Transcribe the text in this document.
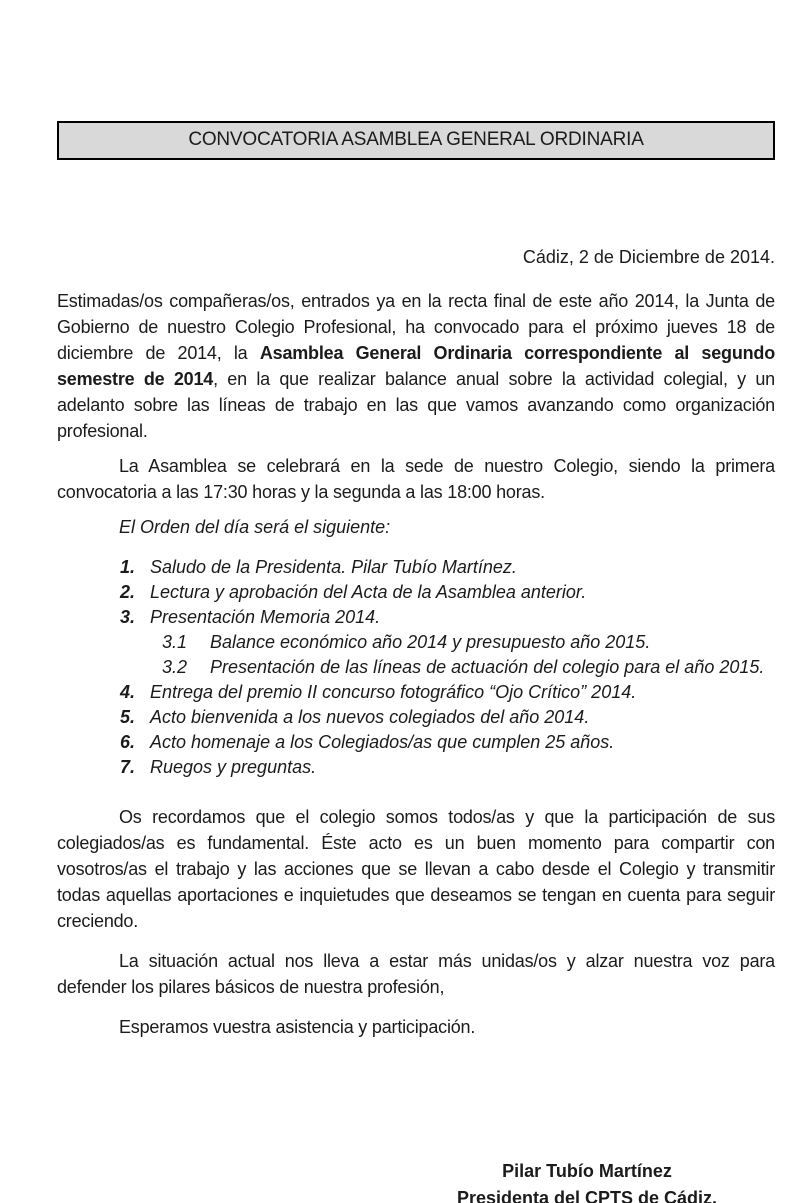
CONVOCATORIA ASAMBLEA GENERAL ORDINARIA
Cádiz, 2 de Diciembre de 2014.

Estimadas/os compañeras/os, entrados ya en la recta final de este año 2014, la Junta de Gobierno de nuestro Colegio Profesional, ha convocado para el próximo jueves 18 de diciembre de 2014, la Asamblea General Ordinaria correspondiente al segundo semestre de 2014, en la que realizar balance anual sobre la actividad colegial, y un adelanto sobre las líneas de trabajo en las que vamos avanzando como organización profesional.

La Asamblea se celebrará en la sede de nuestro Colegio, siendo la primera convocatoria a las 17:30 horas y la segunda a las 18:00 horas.

El Orden del día será el siguiente:
1. Saludo de la Presidenta. Pilar Tubío Martínez.
2. Lectura y aprobación del Acta de la Asamblea anterior.
3. Presentación Memoria 2014.
3.1	Balance económico año 2014 y presupuesto año 2015.
3.2	Presentación de las líneas de actuación del colegio para el año 2015.
4. Entrega del premio II concurso fotográfico “Ojo Crítico” 2014.
5. Acto bienvenida a los nuevos colegiados del año 2014.
6. Acto homenaje a los Colegiados/as que cumplen 25 años.
7. Ruegos y preguntas.

Os recordamos que el colegio somos todos/as y que la participación de sus colegiados/as es fundamental. Éste acto es un buen momento para compartir con vosotros/as el trabajo y las acciones que se llevan a cabo desde el Colegio y transmitir todas aquellas aportaciones e inquietudes que deseamos se tengan en cuenta para seguir creciendo.

La situación actual nos lleva a estar más unidas/os y alzar nuestra voz para defender los pilares básicos de nuestra profesión,

Esperamos vuestra asistencia y participación.

Pilar Tubío Martínez
Presidenta del CPTS de Cádiz.
